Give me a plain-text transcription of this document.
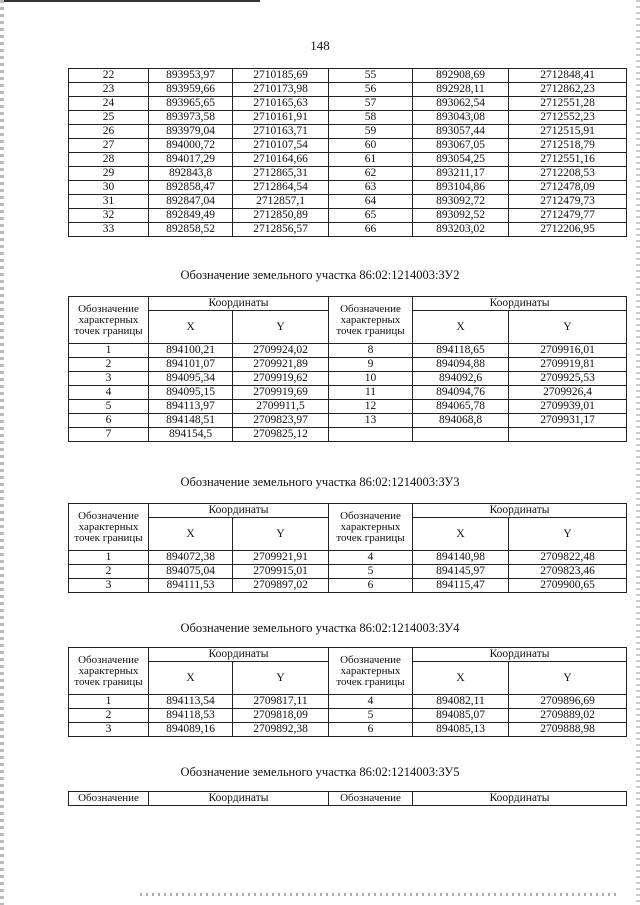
148
22	893953,97	2710185,69	55	892908,69	2712848,41
23	893959,66	2710173,98	56	892928,11	2712862,23
24	893965,65	2710165,63	57	893062,54	2712551,28
25	893973,58	2710161,91	58	893043,08	2712552,23
26	893979,04	2710163,71	59	893057,44	2712515,91
27	894000,72	2710107,54	60	893067,05	2712518,79
28	894017,29	2710164,66	61	893054,25	2712551,16
29	892843,8	2712865,31	62	893211,17	2712208,53
30	892858,47	2712864,54	63	893104,86	2712478,09
31	892847,04	2712857,1	64	893092,72	2712479,73
32	892849,49	2712850,89	65	893092,52	2712479,77
33	892858,52	2712856,57	66	893203,02	2712206,95
Обозначение земельного участка 86:02:1214003:ЗУ2
Обозначение характерных точек границы	Координаты		Обозначение характерных точек границы	Координаты	
	X	Y		X	Y
1	894100,21	2709924,02	8	894118,65	2709916,01
2	894101,07	2709921,89	9	894094,88	2709919,81
3	894095,34	2709919,62	10	894092,6	2709925,53
4	894095,15	2709919,69	11	894094,76	2709926,4
5	894113,97	2709911,5	12	894065,78	2709939,01
6	894148,51	2709823,97	13	894068,8	2709931,17
7	894154,5	2709825,12			
Обозначение земельного участка 86:02:1214003:ЗУ3
Обозначение характерных точек границы	Координаты		Обозначение характерных точек границы	Координаты	
	X	Y		X	Y
1	894072,38	2709921,91	4	894140,98	2709822,48
2	894075,04	2709915,01	5	894145,97	2709823,46
3	894111,53	2709897,02	6	894115,47	2709900,65
Обозначение земельного участка 86:02:1214003:ЗУ4
Обозначение характерных точек границы	Координаты		Обозначение характерных точек границы	Координаты	
	X	Y		X	Y
1	894113,54	2709817,11	4	894082,11	2709896,69
2	894118,53	2709818,09	5	894085,07	2709889,02
3	894089,16	2709892,38	6	894085,13	2709888,98
Обозначение земельного участка 86:02:1214003:ЗУ5
Обозначение	Координаты	Обозначение	Координаты
